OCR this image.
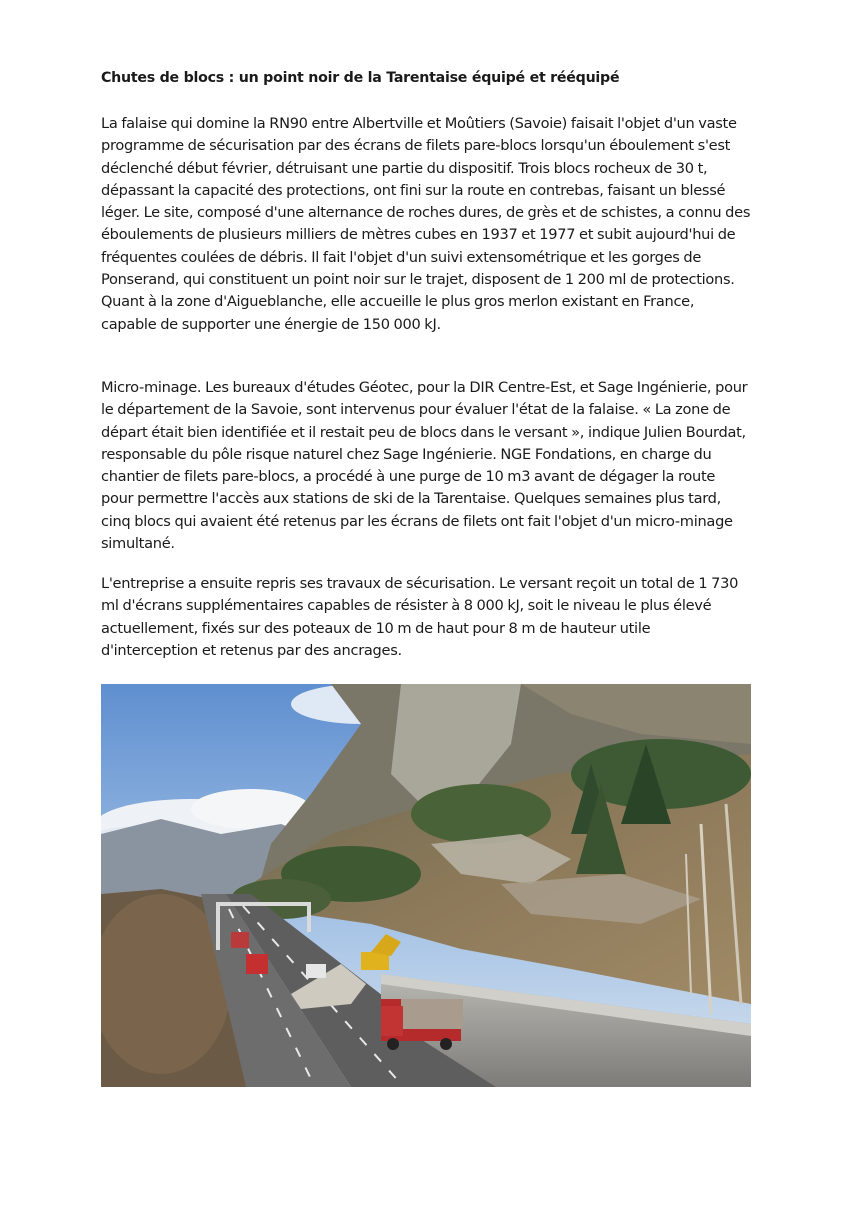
Chutes de blocs : un point noir de la Tarentaise équipé et rééquipé

La falaise qui domine la RN90 entre Albertville et Moûtiers (Savoie) faisait l'objet d'un vaste programme de sécurisation par des écrans de filets pare-blocs lorsqu'un éboulement s'est déclenché début février, détruisant une partie du dispositif. Trois blocs rocheux de 30 t, dépassant la capacité des protections, ont fini sur la route en contrebas, faisant un blessé léger. Le site, composé d'une alternance de roches dures, de grès et de schistes, a connu des éboulements de plusieurs milliers de mètres cubes en 1937 et 1977 et subit aujourd'hui de fréquentes coulées de débris. Il fait l'objet d'un suivi extensométrique et les gorges de Ponserand, qui constituent un point noir sur le trajet, disposent de 1 200 ml de protections. Quant à la zone d'Aigueblanche, elle accueille le plus gros merlon existant en France, capable de supporter une énergie de 150 000 kJ.

Micro-minage. Les bureaux d'études Géotec, pour la DIR Centre-Est, et Sage Ingénierie, pour le département de la Savoie, sont intervenus pour évaluer l'état de la falaise. « La zone de départ était bien identifiée et il restait peu de blocs dans le versant », indique Julien Bourdat, responsable du pôle risque naturel chez Sage Ingénierie. NGE Fondations, en charge du chantier de filets pare-blocs, a procédé à une purge de 10 m3 avant de dégager la route pour permettre l'accès aux stations de ski de la Tarentaise. Quelques semaines plus tard, cinq blocs qui avaient été retenus par les écrans de filets ont fait l'objet d'un micro-minage simultané.

L'entreprise a ensuite repris ses travaux de sécurisation. Le versant reçoit un total de 1 730 ml d'écrans supplémentaires capables de résister à 8 000 kJ, soit le niveau le plus élevé actuellement, fixés sur des poteaux de 10 m de haut pour 8 m de hauteur utile d'interception et retenus par des ancrages.
